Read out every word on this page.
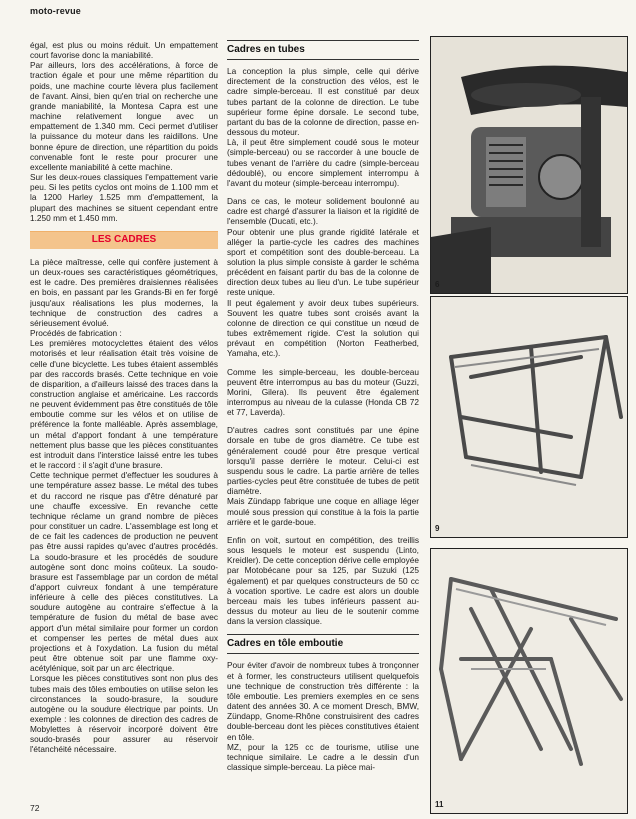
moto-revue

égal, est plus ou moins réduit. Un empattement court favorise donc la maniabilité.

Par ailleurs, lors des accélérations, à force de traction égale et pour une même répartition du poids, une machine courte lèvera plus facilement de l'avant. Ainsi, bien qu'en trial on recherche une grande maniabilité, la Montesa Capra est une machine relativement longue avec un empattement de 1.340 mm. Ceci permet d'utiliser la puissance du moteur dans les raidillons. Une bonne épure de direction, une répartition du poids convenable font le reste pour procurer une excellente maniabilité à cette machine.

Sur les deux-roues classiques l'empattement varie peu. Si les petits cyclos ont moins de 1.100 mm et la 1200 Harley 1.525 mm d'empattement, la plupart des machines se situent cependant entre 1.250 mm et 1.450 mm.

LES CADRES

La pièce maîtresse, celle qui confère justement à un deux-roues ses caractéristiques géométriques, est le cadre. Des premières draisiennes réalisées en bois, en passant par les Grands-Bi en fer forgé jusqu'aux réalisations les plus modernes, la technique de construction des cadres a sérieusement évolué.

Procédés de fabrication :

Les premières motocyclettes étaient des vélos motorisés et leur réalisation était très voisine de celle d'une bicyclette. Les tubes étaient assemblés par des raccords brasés. Cette technique en voie de disparition, a d'ailleurs laissé des traces dans la construction anglaise et américaine. Les raccords ne peuvent évidemment pas être constitués de tôle emboutie comme sur les vélos et on utilise de préférence la fonte malléable. Après assemblage, un métal d'apport fondant à une température nettement plus basse que les pièces constituantes est introduit dans l'interstice laissé entre les tubes et le raccord : il s'agit d'une brasure.

Cette technique permet d'effectuer les soudures à une température assez basse. Le métal des tubes et du raccord ne risque pas d'être dénaturé par une chauffe excessive. En revanche cette technique réclame un grand nombre de pièces pour constituer un cadre. L'assemblage est long et de ce fait les cadences de production ne peuvent pas être aussi rapides qu'avec d'autres procédés. La soudo-brasure et les procédés de soudure autogène sont donc moins coûteux. La soudo-brasure est l'assemblage par un cordon de métal d'apport cuivreux fondant à une température inférieure à celle des pièces constitutives. La soudure autogène au contraire s'effectue à la température de fusion du métal de base avec apport d'un métal similaire pour former un cordon et compenser les pertes de métal dues aux projections et à l'oxydation. La fusion du métal peut être obtenue soit par une flamme oxy-acétylénique, soit par un arc électrique.

Lorsque les pièces constitutives sont non plus des tubes mais des tôles embouties on utilise selon les circonstances la soudo-brasure, la soudure autogène ou la soudure électrique par points. Un exemple : les colonnes de direction des cadres de Mobylettes à réservoir incorporé doivent être soudo-brasés pour assurer au réservoir l'étanchéité nécessaire.

Cadres en tubes

La conception la plus simple, celle qui dérive directement de la construction des vélos, est le cadre simple-berceau. Il est constitué par deux tubes partant de la colonne de direction. Le tube supérieur forme épine dorsale. Le second tube, partant du bas de la colonne de direction, passe en-dessous du moteur.

Là, il peut être simplement coudé sous le moteur (simple-berceau) ou se raccorder à une boucle de tubes venant de l'arrière du cadre (simple-berceau dédoublé), ou encore simplement interrompu à l'avant du moteur (simple-berceau interrompu).

Dans ce cas, le moteur solidement boulonné au cadre est chargé d'assurer la liaison et la rigidité de l'ensemble (Ducati, etc.).

Pour obtenir une plus grande rigidité latérale et alléger la partie-cycle les cadres des machines sport et compétition sont des double-berceau. La solution la plus simple consiste à garder le schéma précédent en faisant partir du bas de la colonne de direction deux tubes au lieu d'un. Le tube supérieur reste unique.

Il peut également y avoir deux tubes supérieurs. Souvent les quatre tubes sont croisés avant la colonne de direction ce qui constitue un nœud de tubes extrêmement rigide. C'est la solution qui prévaut en compétition (Norton Featherbed, Yamaha, etc.).

Comme les simple-berceau, les double-berceau peuvent être interrompus au bas du moteur (Guzzi, Morini, Gilera). Ils peuvent être également interrompus au niveau de la culasse (Honda CB 72 et 77, Laverda).

D'autres cadres sont constitués par une épine dorsale en tube de gros diamètre. Ce tube est généralement coudé pour être presque vertical lorsqu'il passe derrière le moteur. Celui-ci est suspendu sous le cadre. La partie arrière de telles parties-cycles peut être constituée de tubes de petit diamètre.

Mais Zündapp fabrique une coque en alliage léger moulé sous pression qui constitue à la fois la partie arrière et le garde-boue.

Enfin on voit, surtout en compétition, des treillis sous lesquels le moteur est suspendu (Linto, Kreidler). De cette conception dérive celle employée par Motobécane pour sa 125, par Suzuki (125 également) et par quelques constructeurs de 50 cc à vocation sportive. Le cadre est alors un double berceau mais les tubes inférieurs passent au-dessus du moteur au lieu de le soutenir comme dans la version classique.

Cadres en tôle emboutie

Pour éviter d'avoir de nombreux tubes à tronçonner et à former, les constructeurs utilisent quelquefois une technique de construction très différente : la tôle emboutie. Les premiers exemples en ce sens datent des années 30. A ce moment Dresch, BMW, Zündapp, Gnome-Rhône construisirent des cadres double-berceau dont les pièces constitutives étaient en tôle.

MZ, pour la 125 cc de tourisme, utilise une technique similaire. Le cadre a le dessin d'un classique simple-berceau. La pièce mai-

6
9
11
72
